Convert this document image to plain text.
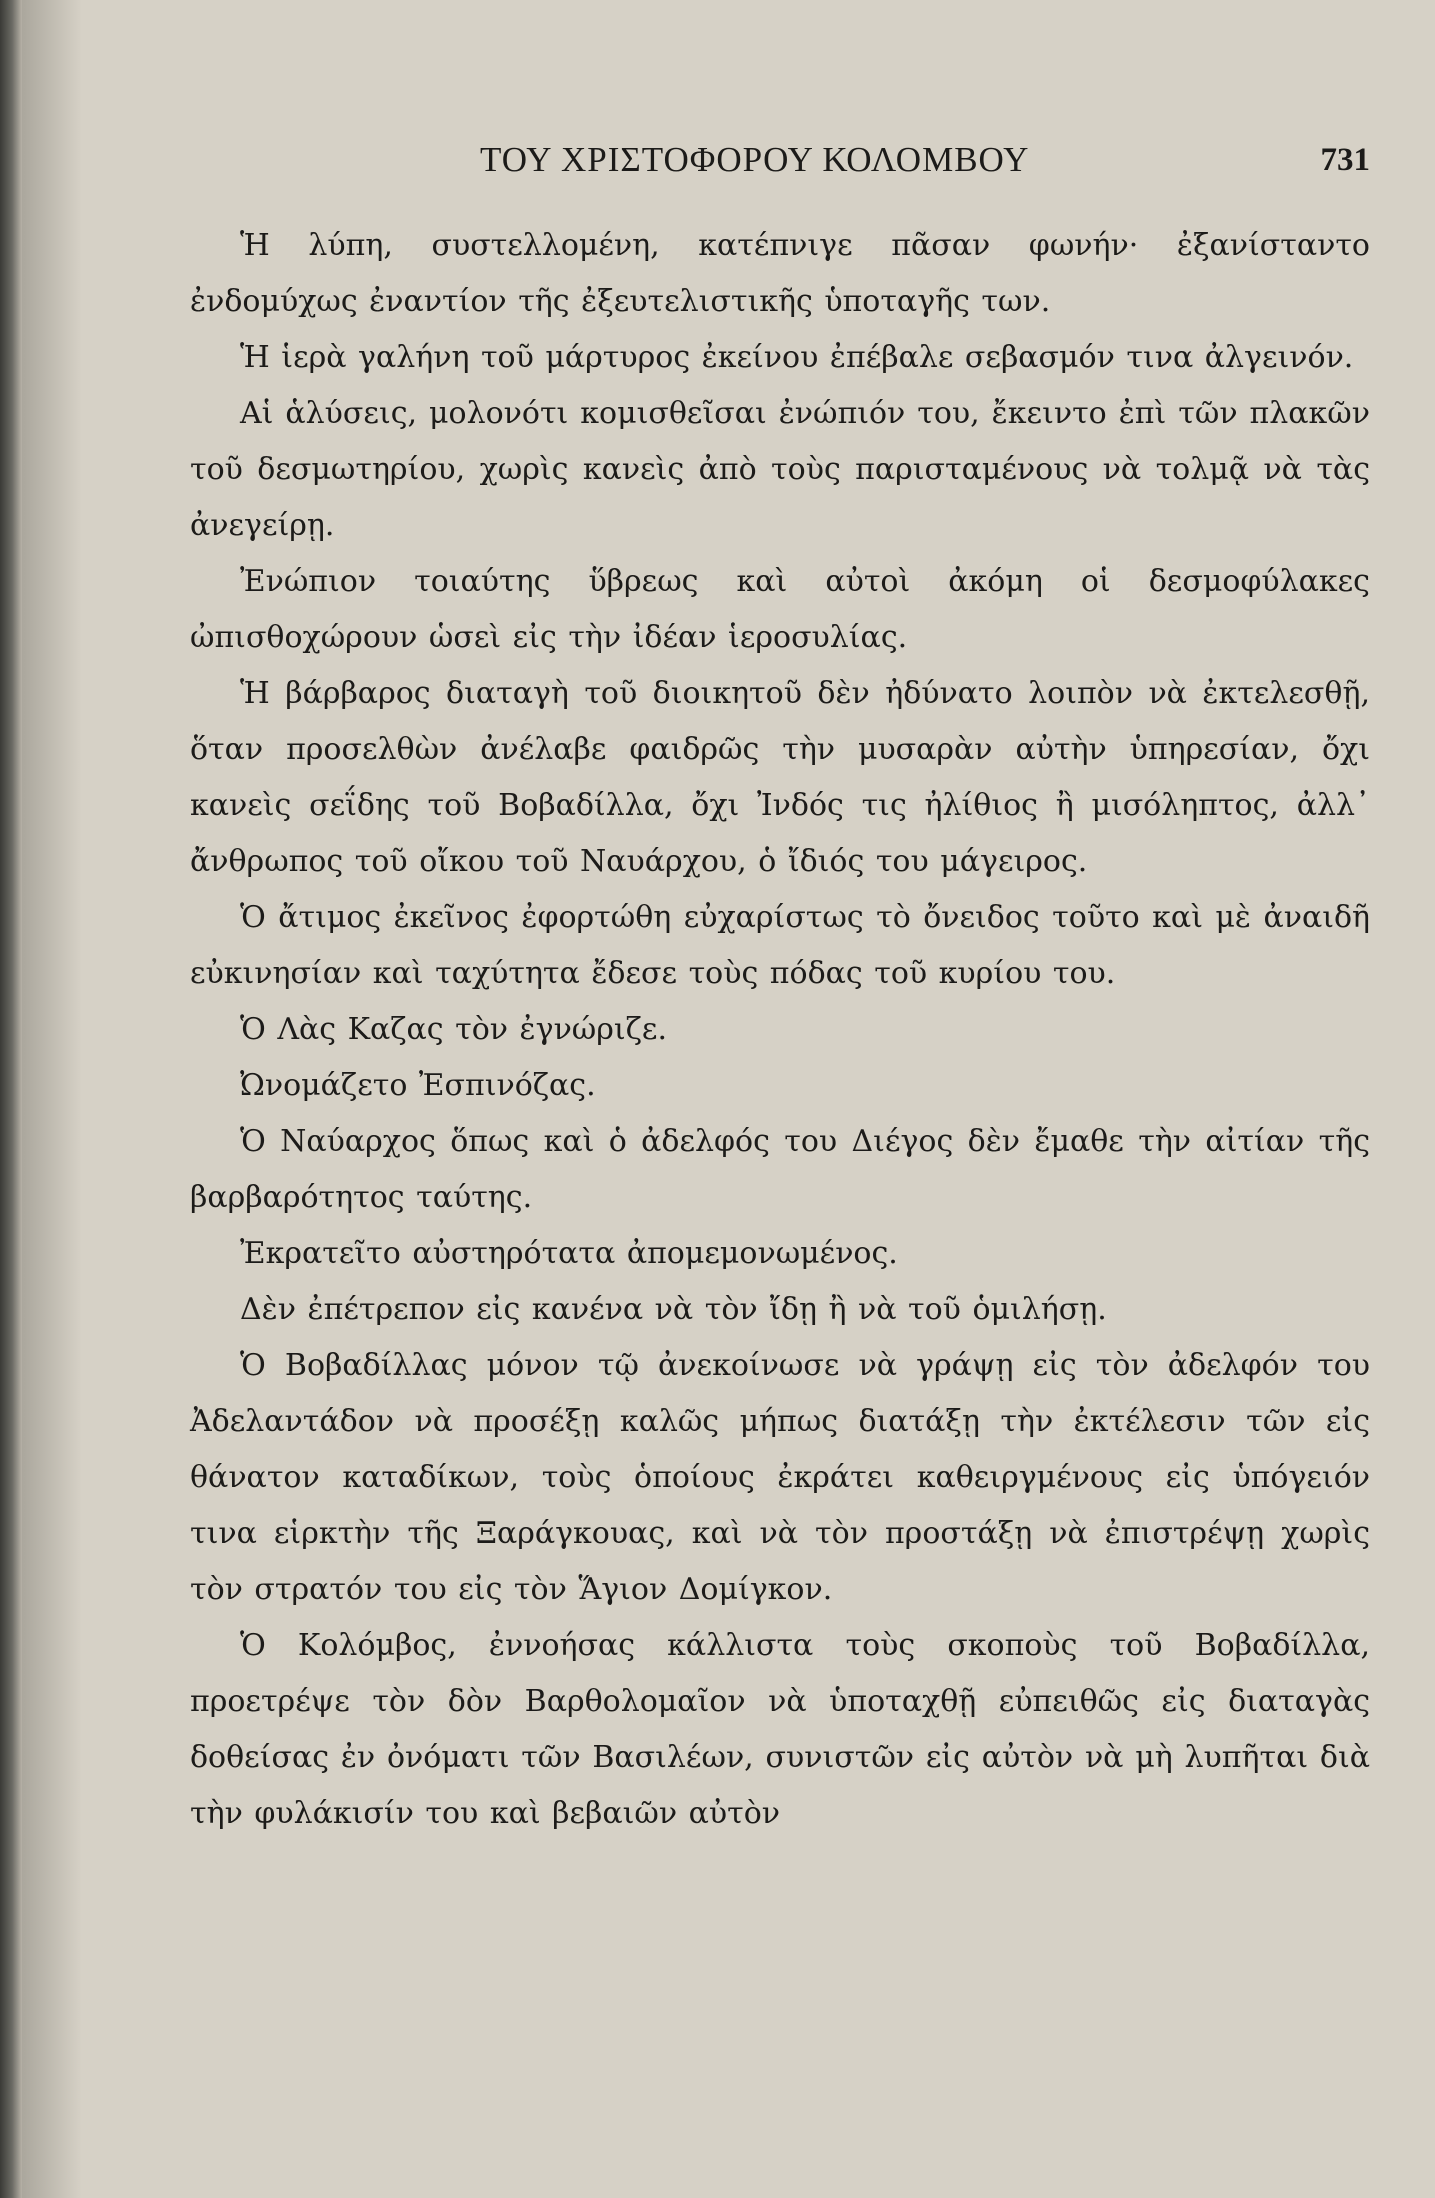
ΤΟΥ ΧΡΙΣΤΟΦΟΡΟΥ ΚΟΛΟΜΒΟΥ	731

Ἡ λύπη, συστελλομένη, κατέπνιγε πᾶσαν φωνήν· ἐξανίσταντο ἐνδομύχως ἐναντίον τῆς ἐξευτελιστικῆς ὑποταγῆς των.

Ἡ ἱερὰ γαλήνη τοῦ μάρτυρος ἐκείνου ἐπέβαλε σεβασμόν τινα ἀλγεινόν.

Αἱ ἁλύσεις, μολονότι κομισθεῖσαι ἐνώπιόν του, ἔκειντο ἐπὶ τῶν πλακῶν τοῦ δεσμωτηρίου, χωρὶς κανεὶς ἀπὸ τοὺς παρισταμένους νὰ τολμᾷ νὰ τὰς ἀνεγείρῃ.

Ἐνώπιον τοιαύτης ὕβρεως καὶ αὐτοὶ ἀκόμη οἱ δεσμοφύλακες ὠπισθοχώρουν ὡσεὶ εἰς τὴν ἰδέαν ἱεροσυλίας.

Ἡ βάρβαρος διαταγὴ τοῦ διοικητοῦ δὲν ἠδύνατο λοιπὸν νὰ ἐκτελεσθῇ, ὅταν προσελθὼν ἀνέλαβε φαιδρῶς τὴν μυσαρὰν αὐτὴν ὑπηρεσίαν, ὄχι κανεὶς σεΐδης τοῦ Βοβαδίλλα, ὄχι Ἰνδός τις ἠλίθιος ἢ μισόληπτος, ἀλλ᾽ ἄνθρωπος τοῦ οἴκου τοῦ Ναυάρχου, ὁ ἴδιός του μάγειρος.

Ὁ ἄτιμος ἐκεῖνος ἐφορτώθη εὐχαρίστως τὸ ὄνειδος τοῦτο καὶ μὲ ἀναιδῆ εὐκινησίαν καὶ ταχύτητα ἔδεσε τοὺς πόδας τοῦ κυρίου του.

Ὁ Λὰς Καζας τὸν ἐγνώριζε.

Ὠνομάζετο Ἐσπινόζας.

Ὁ Ναύαρχος ὅπως καὶ ὁ ἀδελφός του Διέγος δὲν ἔμαθε τὴν αἰτίαν τῆς βαρβαρότητος ταύτης.

Ἐκρατεῖτο αὐστηρότατα ἀπομεμονωμένος.

Δὲν ἐπέτρεπον εἰς κανένα νὰ τὸν ἴδῃ ἢ νὰ τοῦ ὁμιλήσῃ.

Ὁ Βοβαδίλλας μόνον τῷ ἀνεκοίνωσε νὰ γράψῃ εἰς τὸν ἀδελφόν του Ἀδελαντάδον νὰ προσέξῃ καλῶς μήπως διατάξῃ τὴν ἐκτέλεσιν τῶν εἰς θάνατον καταδίκων, τοὺς ὁποίους ἐκράτει καθειργμένους εἰς ὑπόγειόν τινα εἱρκτὴν τῆς Ξαράγκουας, καὶ νὰ τὸν προστάξῃ νὰ ἐπιστρέψῃ χωρὶς τὸν στρατόν του εἰς τὸν Ἅγιον Δομίγκον.

Ὁ Κολόμβος, ἐννοήσας κάλλιστα τοὺς σκοποὺς τοῦ Βοβαδίλλα, προετρέψε τὸν δὸν Βαρθολομαῖον νὰ ὑποταχθῇ εὐπειθῶς εἰς διαταγὰς δοθείσας ἐν ὀνόματι τῶν Βασιλέων, συνιστῶν εἰς αὐτὸν νὰ μὴ λυπῆται διὰ τὴν φυλάκισίν του καὶ βεβαιῶν αὐτὸν
